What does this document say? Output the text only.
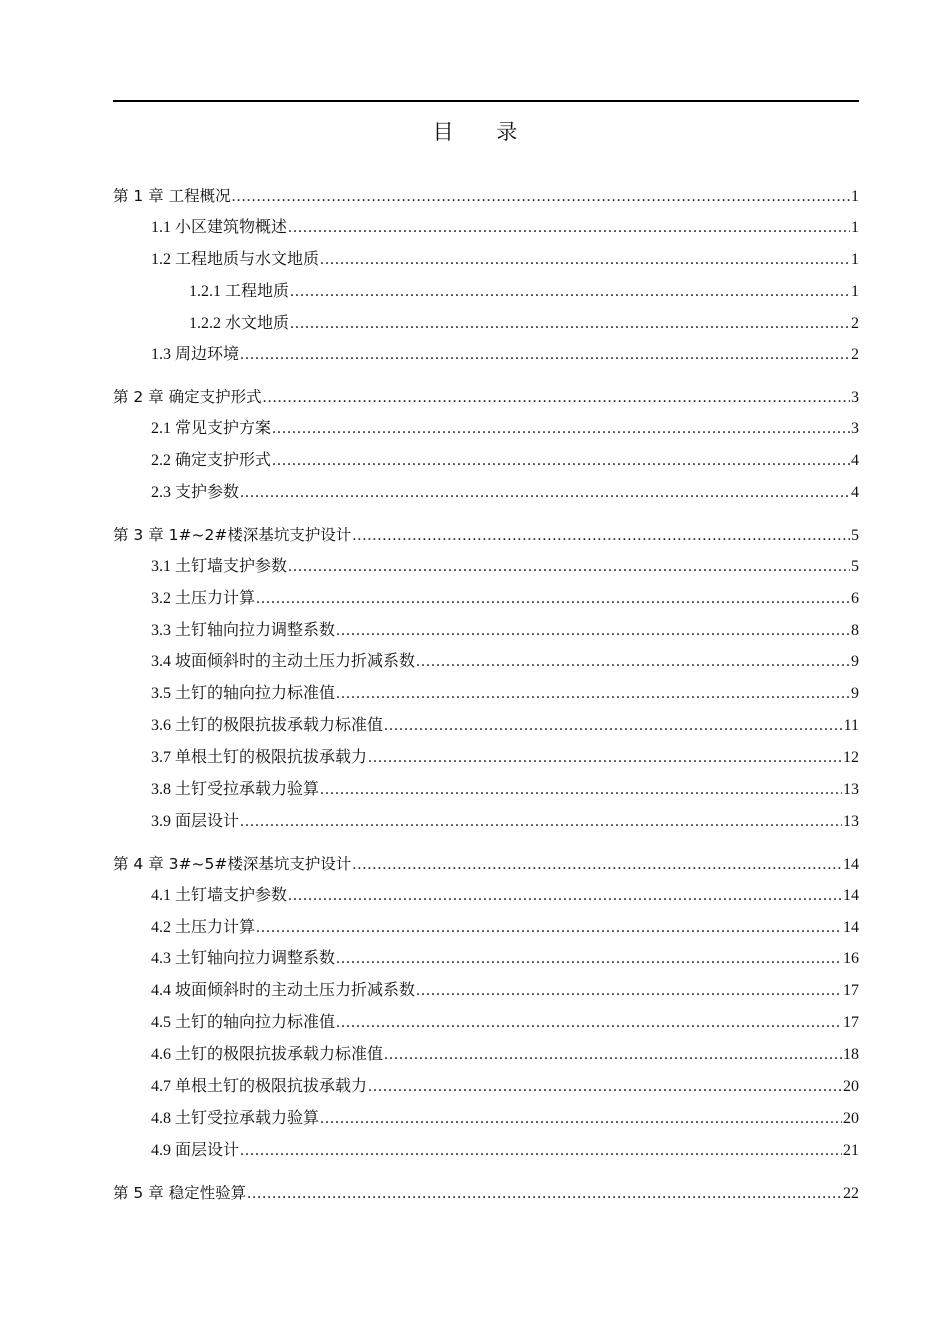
目 录
第 1 章 工程概况 .....	1
1.1 小区建筑物概述 .....	1
1.2 工程地质与水文地质 .....	1
1.2.1 工程地质 .....	1
1.2.2 水文地质 .....	2
1.3 周边环境 .....	2
第 2 章 确定支护形式 .....	3
2.1 常见支护方案 .....	3
2.2 确定支护形式 .....	4
2.3 支护参数 .....	4
第 3 章 1#~2#楼深基坑支护设计 .....	5
3.1 土钉墙支护参数 .....	5
3.2 土压力计算 .....	6
3.3 土钉轴向拉力调整系数 .....	8
3.4 坡面倾斜时的主动土压力折减系数 .....	9
3.5 土钉的轴向拉力标准值 .....	9
3.6 土钉的极限抗拔承载力标准值 .....	11
3.7 单根土钉的极限抗拔承载力 .....	12
3.8 土钉受拉承载力验算 .....	13
3.9 面层设计 .....	13
第 4 章 3#~5#楼深基坑支护设计 .....	14
4.1 土钉墙支护参数 .....	14
4.2 土压力计算 .....	14
4.3 土钉轴向拉力调整系数 .....	16
4.4 坡面倾斜时的主动土压力折减系数 .....	17
4.5 土钉的轴向拉力标准值 .....	17
4.6 土钉的极限抗拔承载力标准值 .....	18
4.7 单根土钉的极限抗拔承载力 .....	20
4.8 土钉受拉承载力验算 .....	20
4.9 面层设计 .....	21
第 5 章 稳定性验算 .....	22
